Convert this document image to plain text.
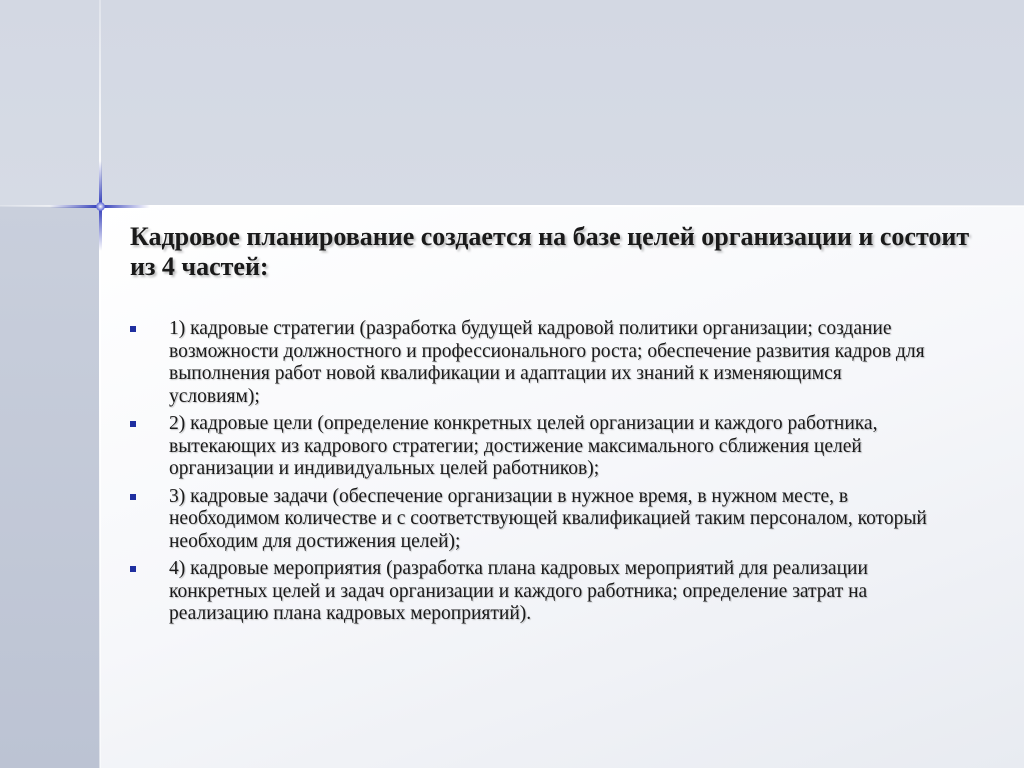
Кадровое планирование создается на базе целей организации и состоит из 4 частей:
1) кадровые стратегии (разработка будущей кадровой политики организации; создание возможности должностного и профессионального роста; обеспечение развития кадров для выполнения работ новой квалификации и адаптации их знаний к изменяющимся условиям);
2) кадровые цели (определение конкретных целей организации и каждого работника, вытекающих из кадрового стратегии; достижение максимального сближения целей организации и индивидуальных целей работников);
3) кадровые задачи (обеспечение организации в нужное время, в нужном месте, в необходимом количестве и с соответствующей квалификацией таким персоналом, который необходим для достижения целей);
4) кадровые мероприятия (разработка плана кадровых мероприятий для реализации конкретных целей и задач организации и каждого работника; определение затрат на реализацию плана кадровых мероприятий).
